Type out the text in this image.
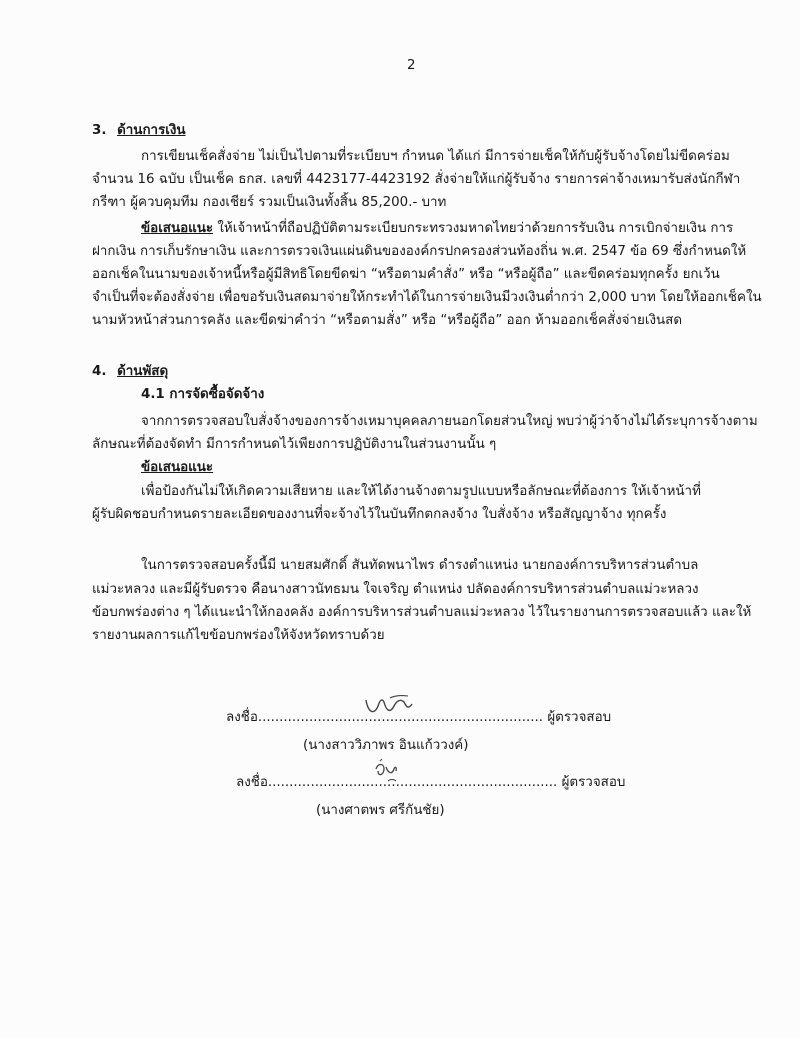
2
3. ด้านการเงิน
การเขียนเช็คสั่งจ่าย ไม่เป็นไปตามที่ระเบียบฯ กำหนด ได้แก่ มีการจ่ายเช็คให้กับผู้รับจ้างโดยไม่ขีดคร่อม
จำนวน 16 ฉบับ เป็นเช็ค ธกส. เลขที่ 4423177-4423192 สั่งจ่ายให้แก่ผู้รับจ้าง รายการค่าจ้างเหมารับส่งนักกีฬา
กรีฑา ผู้ควบคุมทีม กองเชียร์ รวมเป็นเงินทั้งสิ้น 85,200.- บาท
ข้อเสนอแนะ ให้เจ้าหน้าที่ถือปฏิบัติตามระเบียบกระทรวงมหาดไทยว่าด้วยการรับเงิน การเบิกจ่ายเงิน การ
ฝากเงิน การเก็บรักษาเงิน และการตรวจเงินแผ่นดินขององค์กรปกครองส่วนท้องถิ่น พ.ศ. 2547 ข้อ 69 ซึ่งกำหนดให้
ออกเช็คในนามของเจ้าหนี้หรือผู้มีสิทธิโดยขีดฆ่า “หรือตามคำสั่ง” หรือ “หรือผู้ถือ” และขีดคร่อมทุกครั้ง ยกเว้น
จำเป็นที่จะต้องสั่งจ่าย เพื่อขอรับเงินสดมาจ่ายให้กระทำได้ในการจ่ายเงินมีวงเงินต่ำกว่า 2,000 บาท โดยให้ออกเช็คใน
นามหัวหน้าส่วนการคลัง และขีดฆ่าคำว่า “หรือตามสั่ง” หรือ “หรือผู้ถือ” ออก ห้ามออกเช็คสั่งจ่ายเงินสด
4. ด้านพัสดุ
4.1 การจัดซื้อจัดจ้าง
จากการตรวจสอบใบสั่งจ้างของการจ้างเหมาบุคคลภายนอกโดยส่วนใหญ่ พบว่าผู้ว่าจ้างไม่ได้ระบุการจ้างตาม
ลักษณะที่ต้องจัดทำ มีการกำหนดไว้เพียงการปฏิบัติงานในส่วนงานนั้น ๆ
ข้อเสนอแนะ
เพื่อป้องกันไม่ให้เกิดความเสียหาย และให้ได้งานจ้างตามรูปแบบหรือลักษณะที่ต้องการ ให้เจ้าหน้าที่
ผู้รับผิดชอบกำหนดรายละเอียดของงานที่จะจ้างไว้ในบันทึกตกลงจ้าง ใบสั่งจ้าง หรือสัญญาจ้าง ทุกครั้ง
ในการตรวจสอบครั้งนี้มี นายสมศักดิ์ สันทัดพนาไพร ดำรงตำแหน่ง นายกองค์การบริหารส่วนตำบล
แม่วะหลวง และมีผู้รับตรวจ คือนางสาวนัทธมน ใจเจริญ ตำแหน่ง ปลัดองค์การบริหารส่วนตำบลแม่วะหลวง
ข้อบกพร่องต่าง ๆ ได้แนะนำให้กองคลัง องค์การบริหารส่วนตำบลแม่วะหลวง ไว้ในรายงานการตรวจสอบแล้ว และให้
รายงานผลการแก้ไขข้อบกพร่องให้จังหวัดทราบด้วย
ลงชื่อ................................................................... ผู้ตรวจสอบ
(นางสาววิภาพร อินแก้ววงค์)
ลงชื่อ.................................................................... ผู้ตรวจสอบ
(นางศาตพร ศรีกันชัย)
